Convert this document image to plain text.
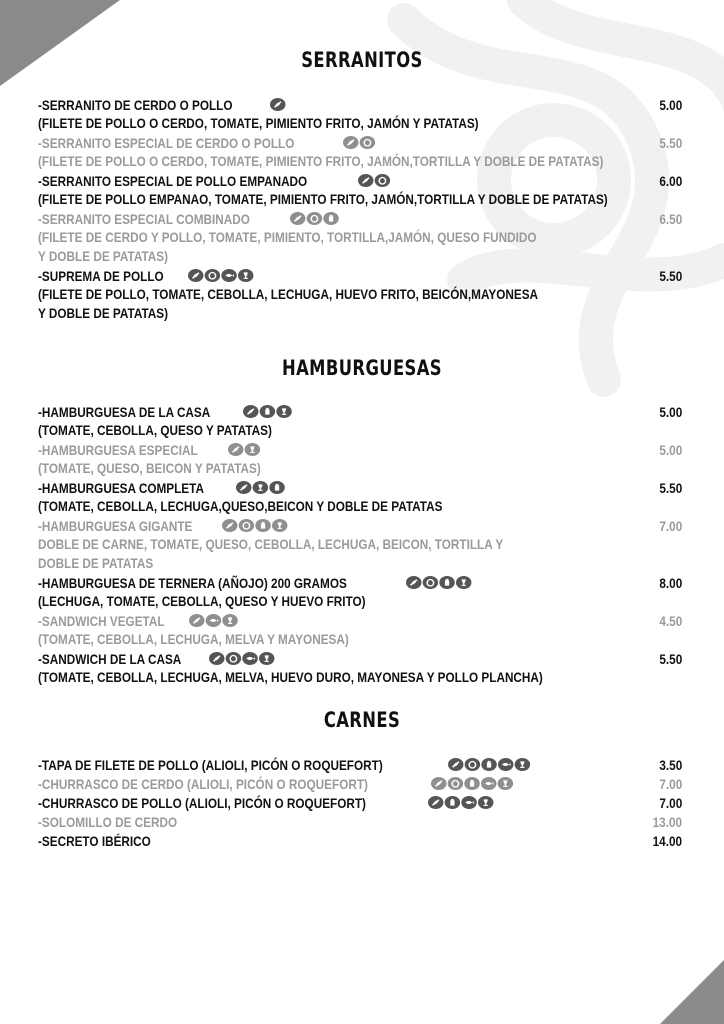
SERRANITOS
-SERRANITO DE CERDO O POLLO	5.00
(FILETE DE POLLO O CERDO, TOMATE, PIMIENTO FRITO, JAMÓN Y PATATAS)
-SERRANITO ESPECIAL DE CERDO O POLLO	5.50
(FILETE DE POLLO O CERDO, TOMATE, PIMIENTO FRITO, JAMÓN,TORTILLA Y DOBLE DE PATATAS)
-SERRANITO ESPECIAL DE POLLO EMPANADO	6.00
(FILETE DE POLLO EMPANAO, TOMATE, PIMIENTO FRITO, JAMÓN,TORTILLA Y DOBLE DE PATATAS)
-SERRANITO ESPECIAL COMBINADO	6.50
(FILETE DE CERDO Y POLLO, TOMATE, PIMIENTO, TORTILLA,JAMÓN, QUESO FUNDIDO
Y DOBLE DE PATATAS)
-SUPREMA DE POLLO	5.50
(FILETE DE POLLO, TOMATE, CEBOLLA, LECHUGA, HUEVO FRITO, BEICÓN,MAYONESA
Y DOBLE DE PATATAS)
HAMBURGUESAS
-HAMBURGUESA DE LA CASA	5.00
(TOMATE, CEBOLLA, QUESO Y PATATAS)
-HAMBURGUESA ESPECIAL	5.00
(TOMATE, QUESO, BEICON Y PATATAS)
-HAMBURGUESA COMPLETA	5.50
(TOMATE, CEBOLLA, LECHUGA,QUESO,BEICON Y DOBLE DE PATATAS
-HAMBURGUESA GIGANTE	7.00
DOBLE DE CARNE, TOMATE, QUESO, CEBOLLA, LECHUGA, BEICON, TORTILLA Y
DOBLE DE PATATAS
-HAMBURGUESA DE TERNERA (AÑOJO) 200 GRAMOS	8.00
(LECHUGA, TOMATE, CEBOLLA, QUESO Y HUEVO FRITO)
-SANDWICH VEGETAL	4.50
(TOMATE, CEBOLLA, LECHUGA, MELVA Y MAYONESA)
-SANDWICH DE LA CASA	5.50
(TOMATE, CEBOLLA, LECHUGA, MELVA, HUEVO DURO, MAYONESA Y POLLO PLANCHA)
CARNES
-TAPA DE FILETE DE POLLO (ALIOLI, PICÓN O ROQUEFORT)	3.50
-CHURRASCO DE CERDO (ALIOLI, PICÓN O ROQUEFORT)	7.00
-CHURRASCO DE POLLO (ALIOLI, PICÓN O ROQUEFORT)	7.00
-SOLOMILLO DE CERDO	13.00
-SECRETO IBÉRICO	14.00
